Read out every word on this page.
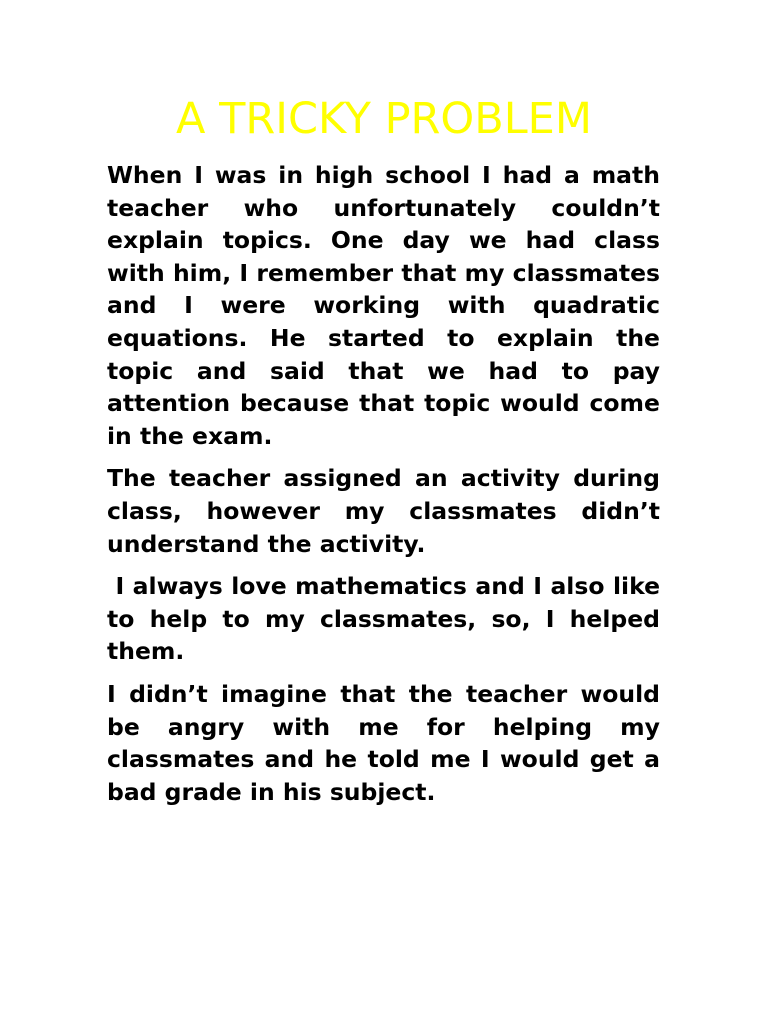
A TRICKY PROBLEM

When I was in high school I had a math teacher who unfortunately couldn’t explain topics. One day we had class with him, I remember that my classmates and I were working with quadratic equations. He started to explain the topic and said that we had to pay attention because that topic would come in the exam.

The teacher assigned an activity during class, however my classmates didn’t understand the activity.

I always love mathematics and I also like to help to my classmates, so, I helped them.

I didn’t imagine that the teacher would be angry with me for helping my classmates and he told me I would get a bad grade in his subject.
